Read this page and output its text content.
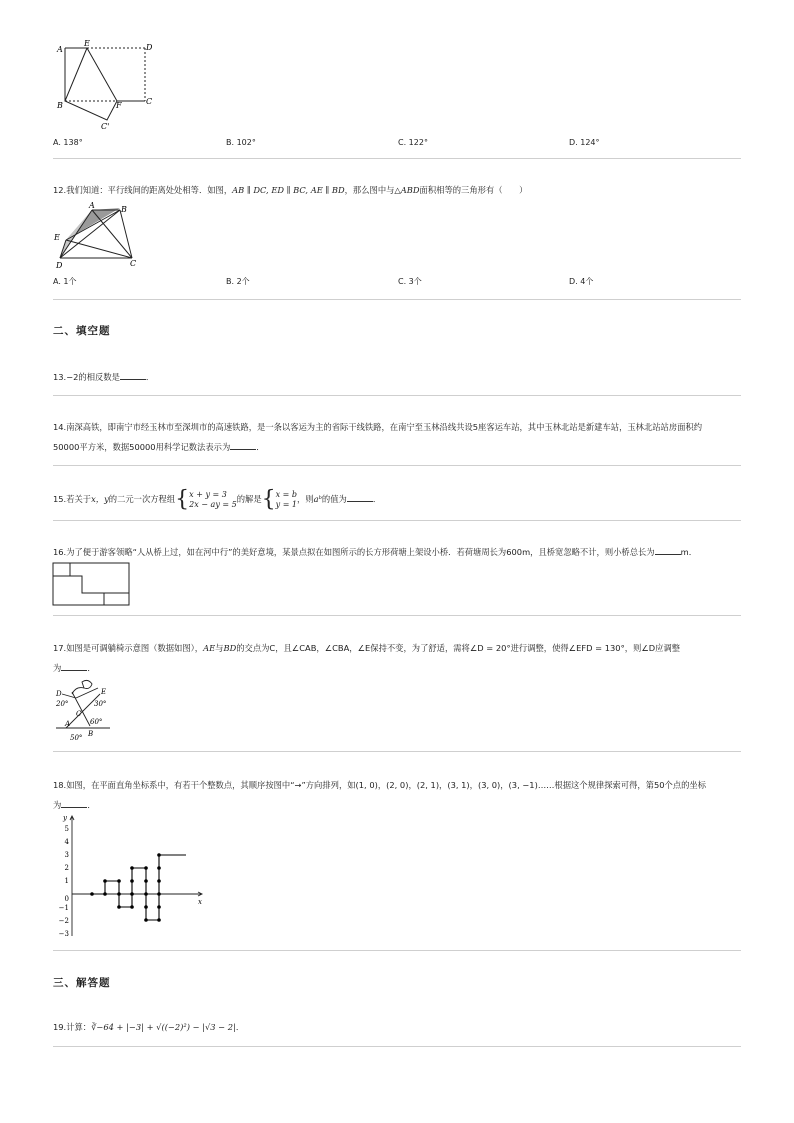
A
E	D
B	F	C
C'
A. 138°	B. 102°	C. 122°	D. 124°
12.我们知道：平行线间的距离处处相等．如图，AB ∥ DC, ED ∥ BC, AE ∥ BD，那么图中与△ABD面积相等的三角形有（　　）
A	B
E
D	C
A. 1个	B. 2个	C. 3个	D. 4个
二、填空题
13.−2的相反数是	．
14.南深高铁，即南宁市经玉林市至深圳市的高速铁路，是一条以客运为主的省际干线铁路，在南宁至玉林沿线共设5座客运车站，其中玉林北站是新建车站，玉林北站站房面积约
50000平方米，数据50000用科学记数法表示为	．
15.若关于x，y的二元一次方程组{x + y = 3
2x − ay = 5的解是{x = b
y = 1，则aᵇ的值为	．
16.为了便于游客领略“人从桥上过，如在河中行”的美好意境，某景点拟在如图所示的长方形荷塘上架设小桥．若荷塘周长为600m，且桥宽忽略不计，则小桥总长为	m．
17.如图是可调躺椅示意图（数据如图），AE与BD的交点为C，且∠CAB，∠CBA，∠E保持不变，为了舒适，需将∠D = 20°进行调整，使得∠EFD = 130°，则∠D应调整
为	．
D	E
20°	30°
C
60°
A
B
50°
18.如图，在平面直角坐标系中，有若干个整数点，其顺序按图中“→”方向排列，如(1, 0)，(2, 0)，(2, 1)，(3, 1)，(3, 0)，(3, −1)……根据这个规律探索可得，第50个点的坐标
为	．
x
y
5
4
3
2
1
0
−1
−2
−3
三、解答题
19.计算：∛−64 + |−3| + √((−2)²) − |√3 − 2|．
